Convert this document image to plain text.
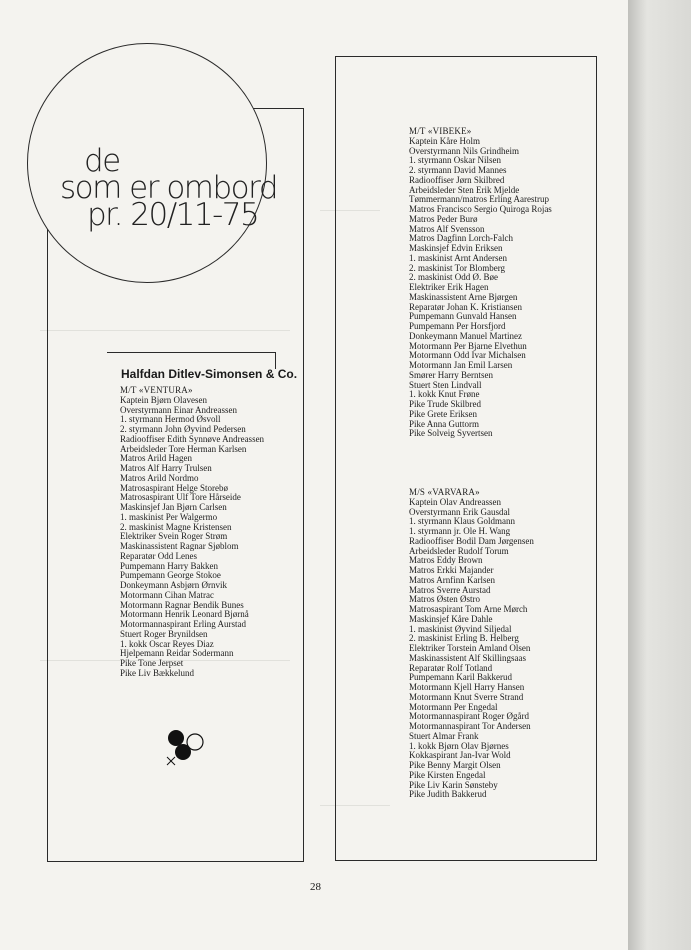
de
som er ombord
pr. 20/11-75
Halfdan Ditlev-Simonsen & Co.
M/T «VENTURA»
Kaptein Bjørn Olavesen
Overstyrmann Einar Andreassen
1. styrmann Hermod Øsvoll
2. styrmann John Øyvind Pedersen
Radiooffiser Edith Synnøve Andreassen
Arbeidsleder Tore Herman Karlsen
Matros Arild Hagen
Matros Alf Harry Trulsen
Matros Arild Nordmo
Matrosaspirant Helge Storebø
Matrosaspirant Ulf Tore Hårseide
Maskinsjef Jan Bjørn Carlsen
1. maskinist Per Walgermo
2. maskinist Magne Kristensen
Elektriker Svein Roger Strøm
Maskinassistent Ragnar Sjøblom
Reparatør Odd Lenes
Pumpemann Harry Bakken
Pumpemann George Stokoe
Donkeymann Asbjørn Ørnvik
Motormann Cihan Matrac
Motormann Ragnar Bendik Bunes
Motormann Henrik Leonard Bjørnå
Motormannaspirant Erling Aurstad
Stuert Roger Brynildsen
1. kokk Oscar Reyes Diaz
Hjelpemann Reidar Sodermann
Pike Tone Jerpset
Pike Liv Bækkelund
M/T «VIBEKE»
Kaptein Kåre Holm
Overstyrmann Nils Grindheim
1. styrmann Oskar Nilsen
2. styrmann David Mannes
Radiooffiser Jørn Skilbred
Arbeidsleder Sten Erik Mjelde
Tømmermann/matros Erling Aarestrup
Matros Francisco Sergio Quiroga Rojas
Matros Peder Burø
Matros Alf Svensson
Matros Dagfinn Lorch-Falch
Maskinsjef Edvin Eriksen
1. maskinist Arnt Andersen
2. maskinist Tor Blomberg
2. maskinist Odd Ø. Bøe
Elektriker Erik Hagen
Maskinassistent Arne Bjørgen
Reparatør Johan K. Kristiansen
Pumpemann Gunvald Hansen
Pumpemann Per Horsfjord
Donkeymann Manuel Martinez
Motormann Per Bjarne Elvethun
Motormann Odd Ivar Michalsen
Motormann Jan Emil Larsen
Smører Harry Berntsen
Stuert Sten Lindvall
1. kokk Knut Frøne
Pike Trude Skilbred
Pike Grete Eriksen
Pike Anna Guttorm
Pike Solveig Syvertsen
M/S «VARVARA»
Kaptein Olav Andreassen
Overstyrmann Erik Gausdal
1. styrmann Klaus Goldmann
1. styrmann jr. Ole H. Wang
Radiooffiser Bodil Dam Jørgensen
Arbeidsleder Rudolf Torum
Matros Eddy Brown
Matros Erkki Majander
Matros Arnfinn Karlsen
Matros Sverre Aurstad
Matros Østen Østro
Matrosaspirant Tom Arne Mørch
Maskinsjef Kåre Dahle
1. maskinist Øyvind Siljedal
2. maskinist Erling B. Helberg
Elektriker Torstein Amland Olsen
Maskinassistent Alf Skillingsaas
Reparatør Rolf Totland
Pumpemann Karil Bakkerud
Motormann Kjell Harry Hansen
Motormann Knut Sverre Strand
Motormann Per Engedal
Motormannaspirant Roger Øgård
Motormannaspirant Tor Andersen
Stuert Almar Frank
1. kokk Bjørn Olav Bjørnes
Kokkaspirant Jan-Ivar Wold
Pike Benny Margit Olsen
Pike Kirsten Engedal
Pike Liv Karin Sønsteby
Pike Judith Bakkerud
28
